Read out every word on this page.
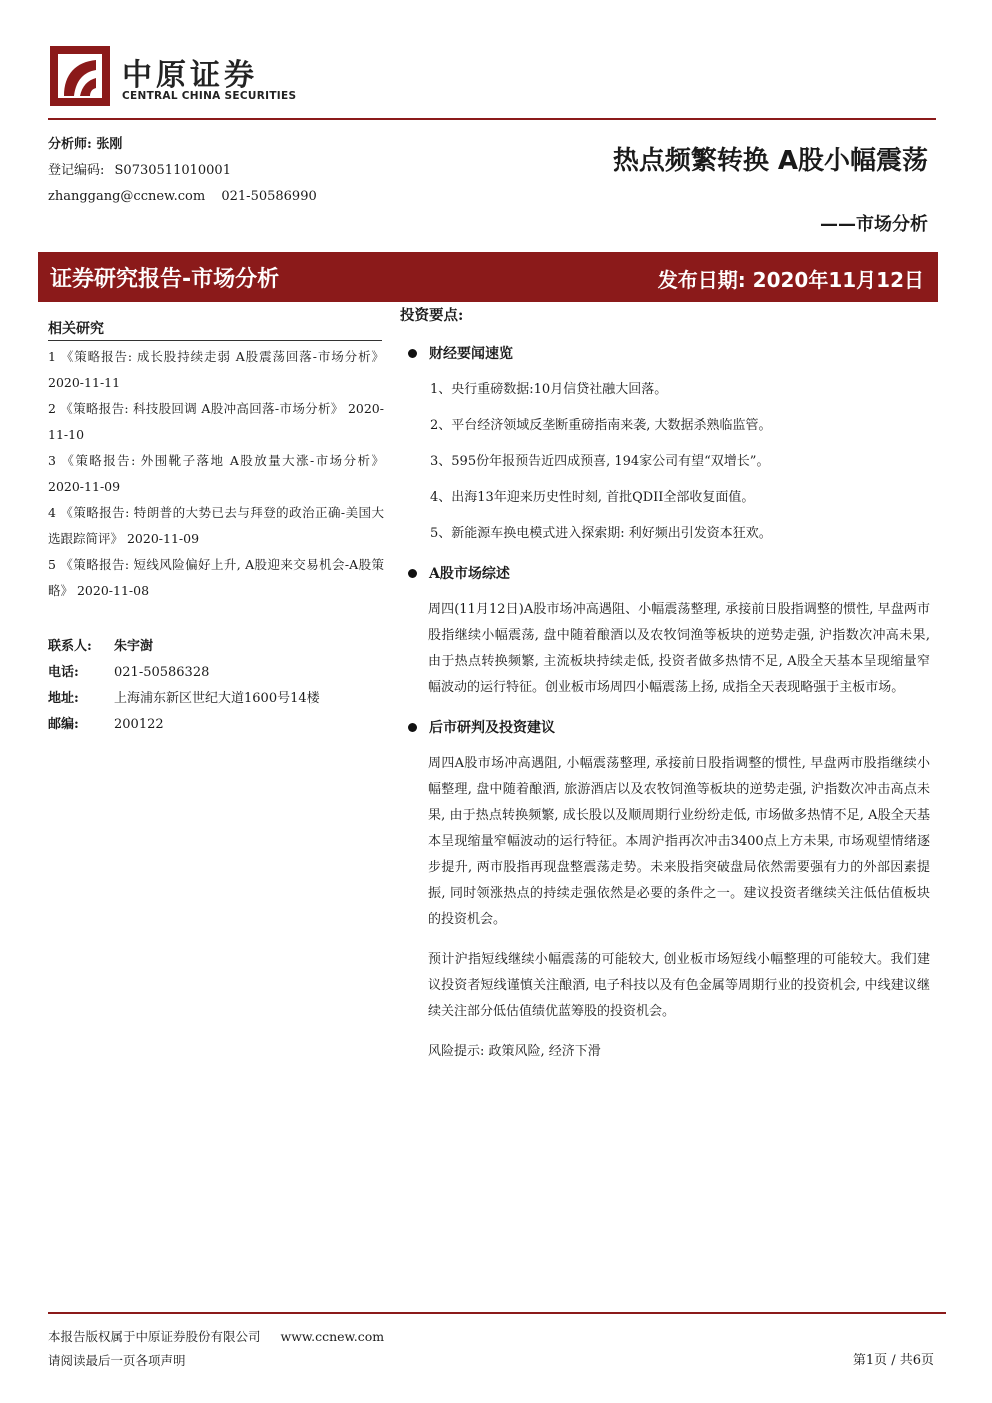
中原证券
CENTRAL CHINA SECURITIES
分析师: 张刚
登记编码: S0730511010001
zhanggang@ccnew.com 021-50586990
热点频繁转换 A股小幅震荡
——市场分析
证券研究报告-市场分析	发布日期: 2020年11月12日
相关研究

1 《策略报告: 成长股持续走弱 A股震荡回落-市场分析》 2020-11-11

2 《策略报告: 科技股回调 A股冲高回落-市场分析》 2020-11-10

3 《策略报告: 外围靴子落地 A股放量大涨-市场分析》 2020-11-09

4 《策略报告: 特朗普的大势已去与拜登的政治正确-美国大选跟踪简评》 2020-11-09

5 《策略报告: 短线风险偏好上升, A股迎来交易机会-A股策略》 2020-11-08

联系人:	朱宇澍
电话:	021-50586328
地址:	上海浦东新区世纪大道1600号14楼
邮编:	200122
投资要点:
财经要闻速览
1、央行重磅数据:10月信贷社融大回落。
2、平台经济领域反垄断重磅指南来袭, 大数据杀熟临监管。
3、595份年报预告近四成预喜, 194家公司有望“双增长”。
4、出海13年迎来历史性时刻, 首批QDII全部收复面值。
5、新能源车换电模式进入探索期: 利好频出引发资本狂欢。
A股市场综述
周四(11月12日)A股市场冲高遇阻、小幅震荡整理, 承接前日股指调整的惯性, 早盘两市股指继续小幅震荡, 盘中随着酿酒以及农牧饲渔等板块的逆势走强, 沪指数次冲高未果, 由于热点转换频繁, 主流板块持续走低, 投资者做多热情不足, A股全天基本呈现缩量窄幅波动的运行特征。创业板市场周四小幅震荡上扬, 成指全天表现略强于主板市场。
后市研判及投资建议
周四A股市场冲高遇阻, 小幅震荡整理, 承接前日股指调整的惯性, 早盘两市股指继续小幅整理, 盘中随着酿酒, 旅游酒店以及农牧饲渔等板块的逆势走强, 沪指数次冲击高点未果, 由于热点转换频繁, 成长股以及顺周期行业纷纷走低, 市场做多热情不足, A股全天基本呈现缩量窄幅波动的运行特征。本周沪指再次冲击3400点上方未果, 市场观望情绪逐步提升, 两市股指再现盘整震荡走势。未来股指突破盘局依然需要强有力的外部因素提振, 同时领涨热点的持续走强依然是必要的条件之一。建议投资者继续关注低估值板块的投资机会。
预计沪指短线继续小幅震荡的可能较大, 创业板市场短线小幅整理的可能较大。我们建议投资者短线谨慎关注酿酒, 电子科技以及有色金属等周期行业的投资机会, 中线建议继续关注部分低估值绩优蓝筹股的投资机会。
风险提示: 政策风险, 经济下滑
本报告版权属于中原证券股份有限公司 www.ccnew.com
请阅读最后一页各项声明	第1页 / 共6页
